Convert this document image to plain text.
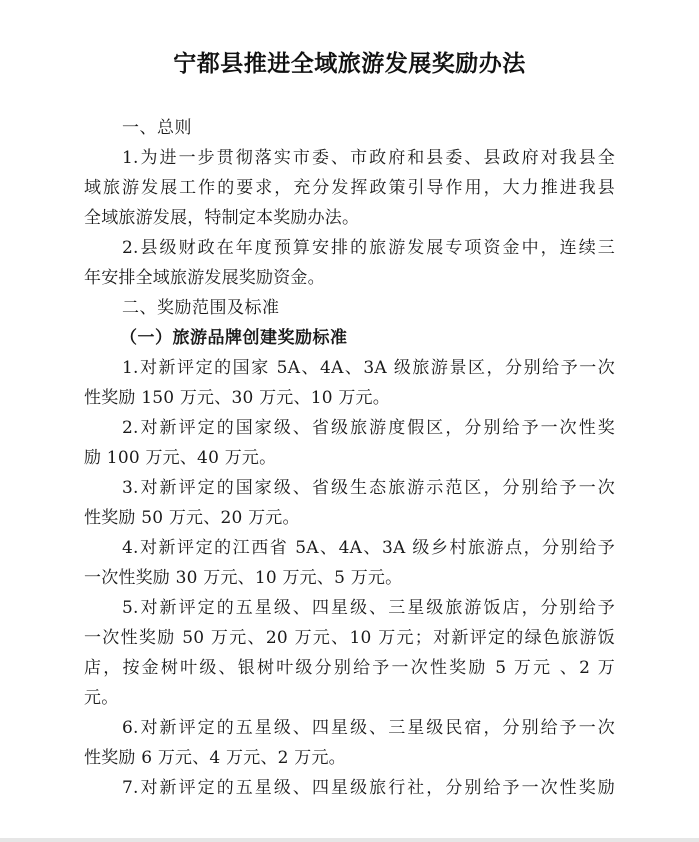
宁都县推进全域旅游发展奖励办法
一、总则
1.为进一步贯彻落实市委、市政府和县委、县政府对我县全
域旅游发展工作的要求，充分发挥政策引导作用，大力推进我县
全域旅游发展，特制定本奖励办法。
2.县级财政在年度预算安排的旅游发展专项资金中，连续三
年安排全域旅游发展奖励资金。
二、奖励范围及标准
（一）旅游品牌创建奖励标准
1.对新评定的国家 5A、4A、3A 级旅游景区，分别给予一次
性奖励 150 万元、30 万元、10 万元。
2.对新评定的国家级、省级旅游度假区，分别给予一次性奖
励 100 万元、40 万元。
3.对新评定的国家级、省级生态旅游示范区，分别给予一次
性奖励 50 万元、20 万元。
4.对新评定的江西省 5A、4A、3A 级乡村旅游点，分别给予
一次性奖励 30 万元、10 万元、5 万元。
5.对新评定的五星级、四星级、三星级旅游饭店，分别给予
一次性奖励 50 万元、20 万元、10 万元；对新评定的绿色旅游饭
店，按金树叶级、银树叶级分别给予一次性奖励 5 万元 、2 万
元。
6.对新评定的五星级、四星级、三星级民宿，分别给予一次
性奖励 6 万元、4 万元、2 万元。
7.对新评定的五星级、四星级旅行社，分别给予一次性奖励
